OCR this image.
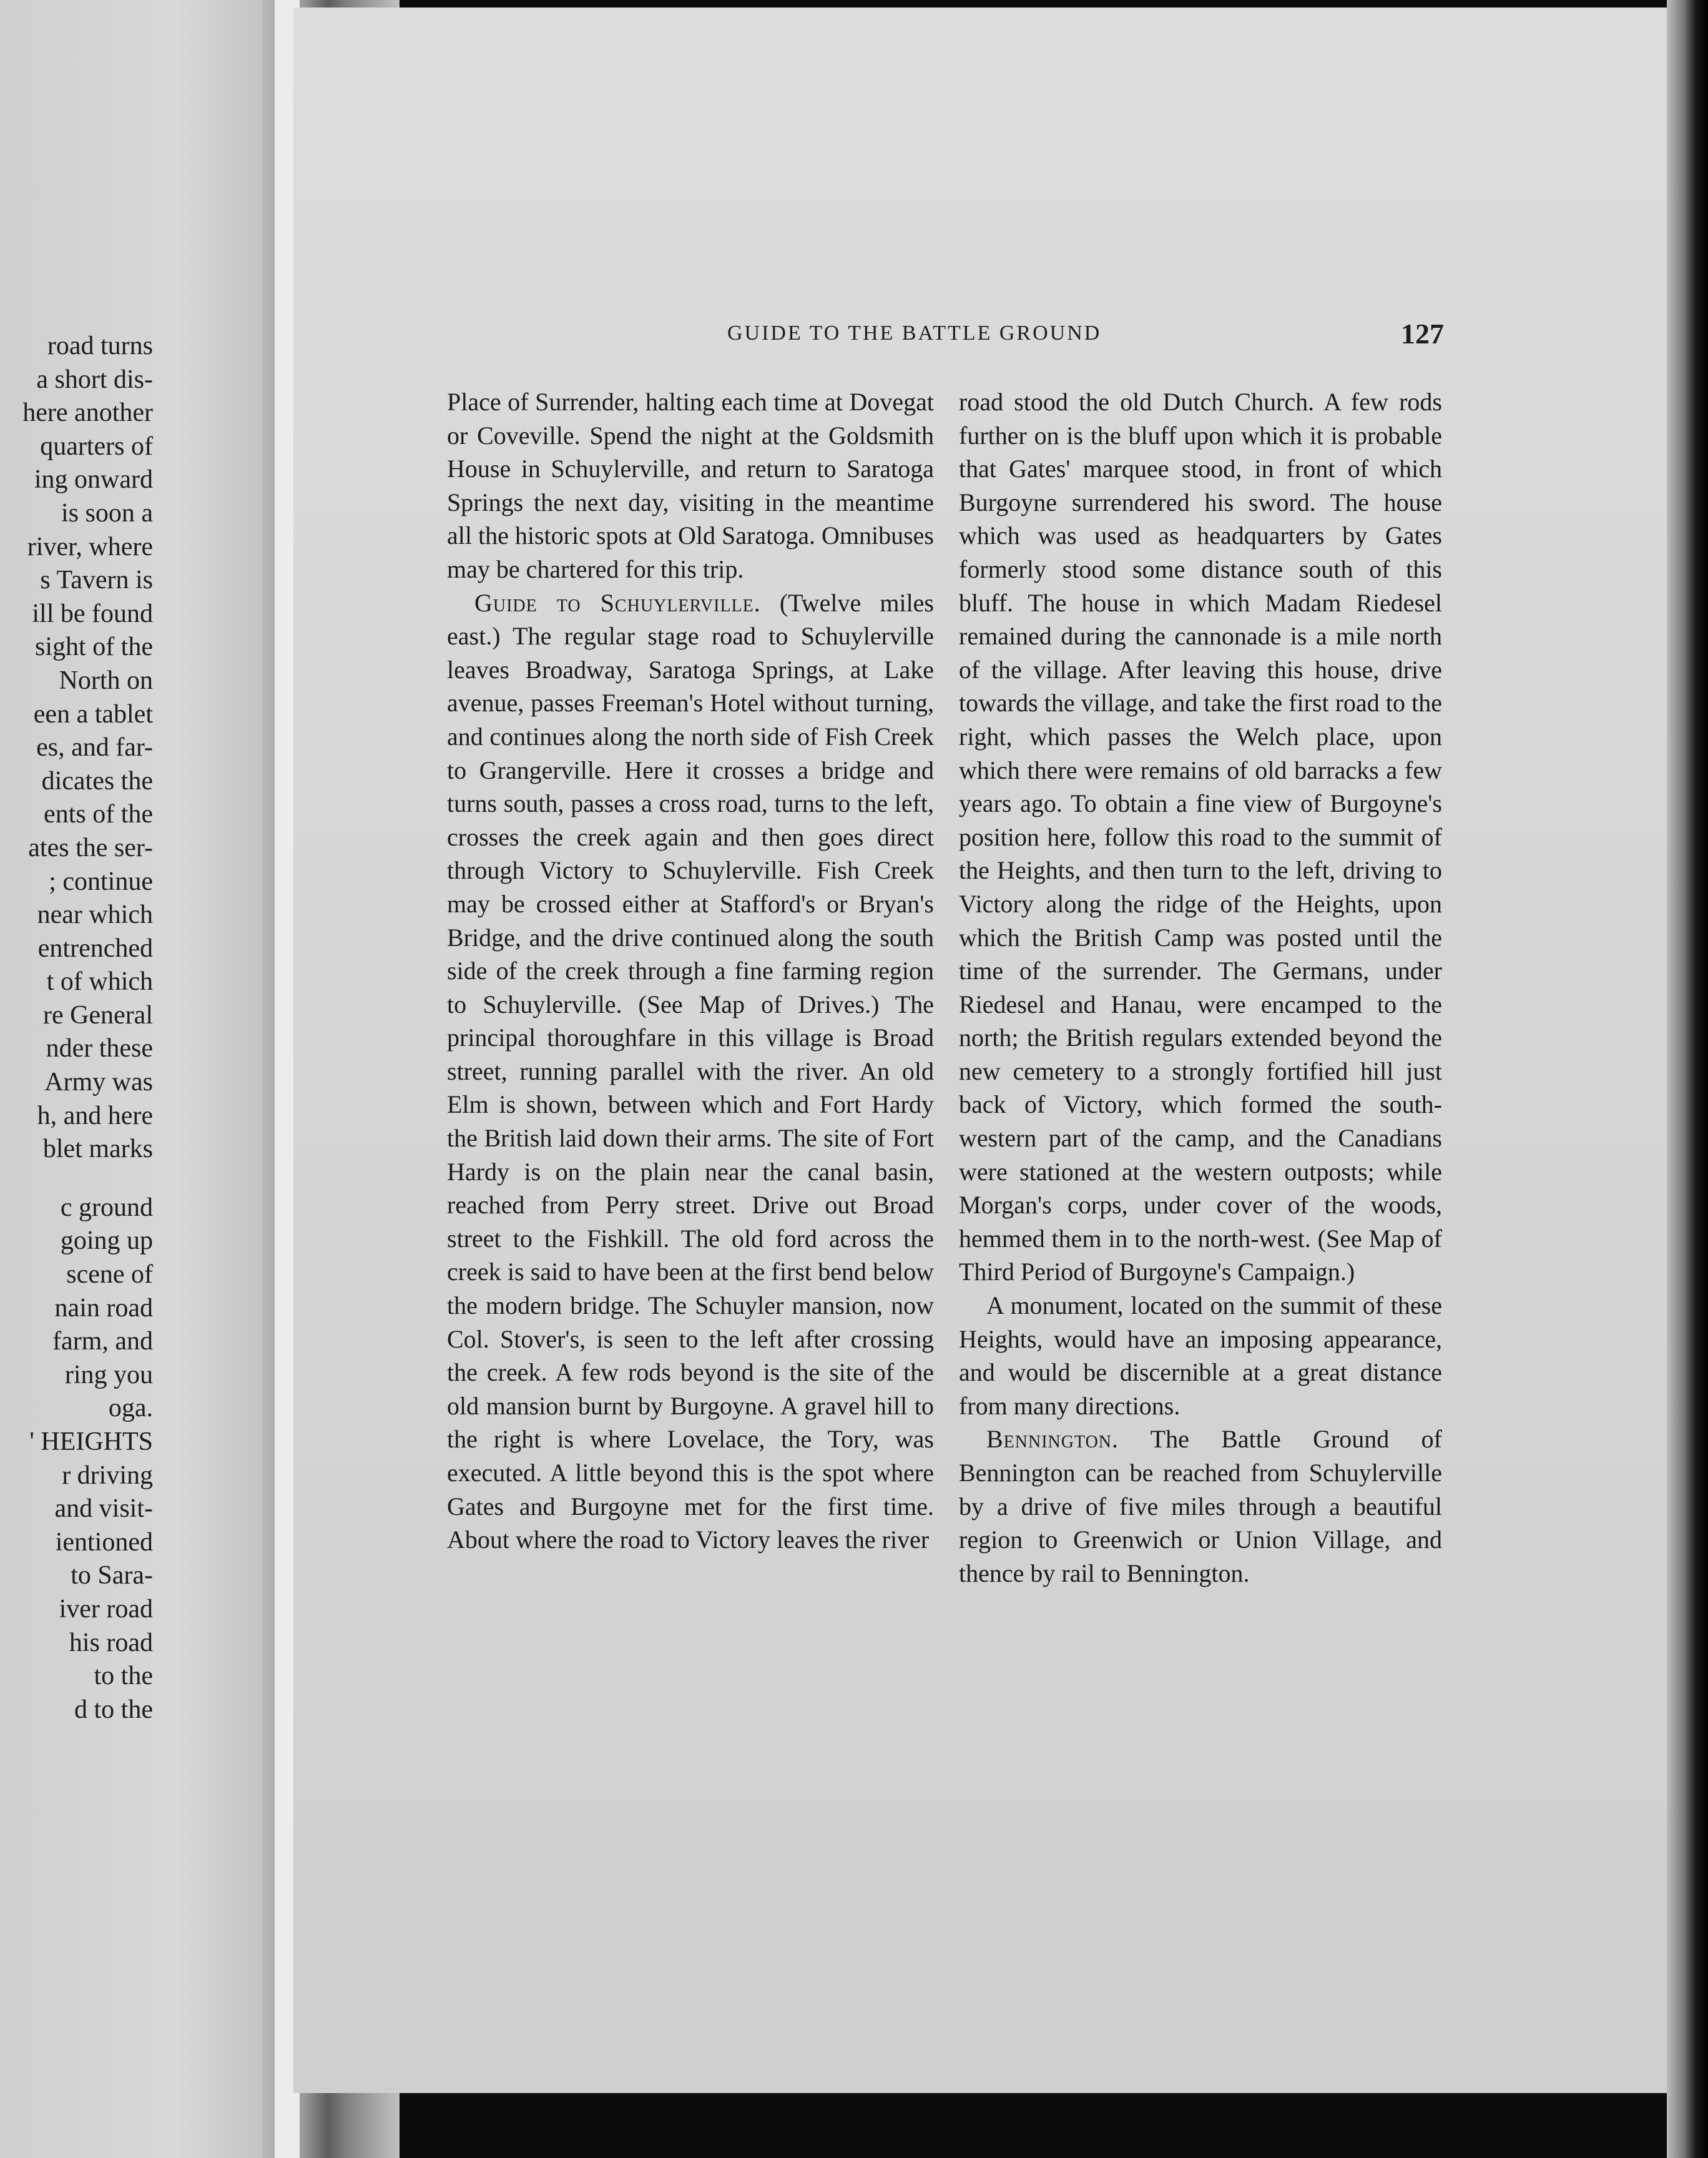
road turns
a short dis-
here another
quarters of
ing onward
is soon a
river, where
s Tavern is
ill be found
sight of the
North on
een a tablet
es, and far-
dicates the
ents of the
ates the ser-
; continue
near which
entrenched
t of which
re General
nder these
Army was
h, and here
blet marks
c ground
going up
scene of
nain road
farm, and
ring you
oga.
' HEIGHTS
r driving
and visit-
ientioned
to Sara-
iver road
his road
to the
d to the
GUIDE TO THE BATTLE GROUND	127

Place of Surrender, halting each time at Dovegat or Coveville. Spend the night at the Goldsmith House in Schuylerville, and return to Saratoga Springs the next day, visiting in the meantime all the historic spots at Old Saratoga. Omnibuses may be chartered for this trip.

Guide to Schuylerville. (Twelve miles east.) The regular stage road to Schuylerville leaves Broadway, Saratoga Springs, at Lake avenue, passes Freeman's Hotel without turning, and continues along the north side of Fish Creek to Grangerville. Here it crosses a bridge and turns south, passes a cross road, turns to the left, crosses the creek again and then goes direct through Victory to Schuylerville. Fish Creek may be crossed either at Stafford's or Bryan's Bridge, and the drive continued along the south side of the creek through a fine farming region to Schuylerville. (See Map of Drives.) The principal thoroughfare in this village is Broad street, running parallel with the river. An old Elm is shown, between which and Fort Hardy the British laid down their arms. The site of Fort Hardy is on the plain near the canal basin, reached from Perry street. Drive out Broad street to the Fishkill. The old ford across the creek is said to have been at the first bend below the modern bridge. The Schuyler mansion, now Col. Stover's, is seen to the left after crossing the creek. A few rods beyond is the site of the old mansion burnt by Burgoyne. A gravel hill to the right is where Lovelace, the Tory, was executed. A little beyond this is the spot where Gates and Burgoyne met for the first time. About where the road to Victory leaves the river

road stood the old Dutch Church. A few rods further on is the bluff upon which it is probable that Gates' marquee stood, in front of which Burgoyne surrendered his sword. The house which was used as headquarters by Gates formerly stood some distance south of this bluff. The house in which Madam Riedesel remained during the cannonade is a mile north of the village. After leaving this house, drive towards the village, and take the first road to the right, which passes the Welch place, upon which there were remains of old barracks a few years ago. To obtain a fine view of Burgoyne's position here, follow this road to the summit of the Heights, and then turn to the left, driving to Victory along the ridge of the Heights, upon which the British Camp was posted until the time of the surrender. The Germans, under Riedesel and Hanau, were encamped to the north; the British regulars extended beyond the new cemetery to a strongly fortified hill just back of Victory, which formed the south-western part of the camp, and the Canadians were stationed at the western outposts; while Morgan's corps, under cover of the woods, hemmed them in to the north-west. (See Map of Third Period of Burgoyne's Campaign.)

A monument, located on the summit of these Heights, would have an imposing appearance, and would be discernible at a great distance from many directions.

Bennington. The Battle Ground of Bennington can be reached from Schuylerville by a drive of five miles through a beautiful region to Greenwich or Union Village, and thence by rail to Bennington.
